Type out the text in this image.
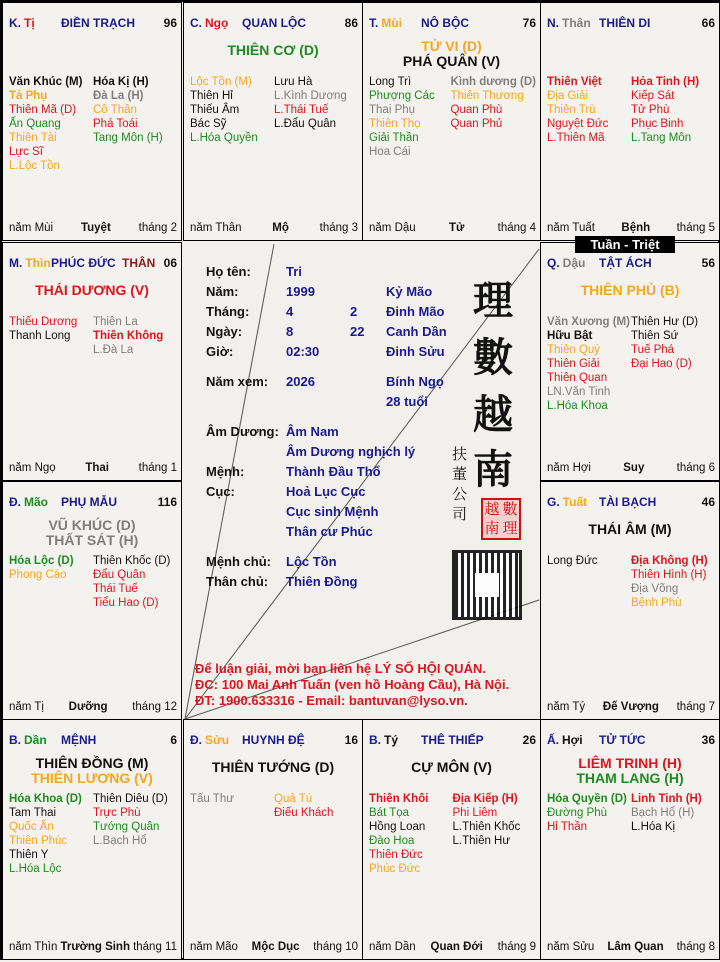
K. Tị ĐIỀN TRẠCH 96
Văn Khúc (M)
Tả Phụ
Thiên Mã (D)
Ấn Quang
Thiên Tài
Lực Sĩ
L.Lộc Tồn
Hóa Kị (H)
Đà La (H)
Cô Thần
Phá Toái
Tang Môn (H)
năm Mùi Tuyệt tháng 2
C. Ngọ QUAN LỘC	86
THIÊN CƠ (D)
Lộc Tồn (M)
Thiên Hỉ
Thiếu Âm
Bác Sỹ
L.Hóa Quyền
Lưu Hà
L.Kình Dương
L.Thái Tuế
L.Đẩu Quân
năm Thân	Mộ	tháng 3
T. Mùi NÔ BỘC	76
TỬ VI (D)
PHÁ QUÂN (V)
Long Trì
Phượng Các
Thai Phụ
Thiên Thọ
Giải Thần
Hoa Cái
Kình dương (D)
Thiên Thương
Quan Phù
Quan Phủ
năm Dậu	Tử	tháng 4
N. Thân THIÊN DI	66
Thiên Việt
Địa Giải
Thiên Trù
Nguyệt Đức
L.Thiên Mã
Hỏa Tinh (H)
Kiếp Sát
Tử Phù
Phục Binh
L.Tang Môn
năm Tuất Bệnh tháng 5
M. Thìn PHÚC ĐỨC THÂN 06
THÁI DƯƠNG (V)
Thiếu Dương
Thanh Long
Thiên La
Thiên Không
L.Đà La
năm Ngọ	Thai	tháng 1
Q. Dậu TẬT ÁCH	56
THIÊN PHỦ (B)
Văn Xương (M)
Hữu Bật
Thiên Quý
Thiên Giải
Thiên Quan
LN.Văn Tinh
L.Hóa Khoa
Thiên Hư (D)
Thiên Sứ
Tuế Phá
Đại Hao (D)
năm Hợi	Suy	tháng 6
Đ. Mão PHỤ MẪU	116
VŨ KHÚC (D)
THẤT SÁT (H)
Hóa Lộc (D)
Phong Cáo
Thiên Khốc (D)
Đẩu Quân
Thái Tuế
Tiểu Hao (D)
năm Tị Dưỡng tháng 12
G. Tuất TÀI BẠCH	46
THÁI ÂM (M)
Long Đức	Địa Không (H)
Thiên Hình (H)
Địa Võng
Bệnh Phù
năm Tý Đế Vượng tháng 7
B. Dần MỆNH	6
THIÊN ĐỒNG (M)
THIÊN LƯƠNG (V)
Hóa Khoa (D)
Tam Thai
Quốc Ấn
Thiên Phúc
Thiên Y
L.Hóa Lộc
Thiên Diêu (D)
Trực Phù
Tướng Quân
L.Bạch Hổ
năm Thìn Trường Sinh tháng 11
Đ. Sửu HUYNH ĐỆ	16
THIÊN TƯỚNG (D)
Tấu Thư	Quả Tú
Điếu Khách
năm Mão Mộc Dục tháng 10
B. Tý THÊ THIẾP	26
CỰ MÔN (V)
Thiên Khôi
Bát Tọa
Hồng Loan
Đào Hoa
Thiên Đức
Phúc Đức
Địa Kiếp (H)
Phi Liêm
L.Thiên Khốc
L.Thiên Hư
năm Dần Quan Đới tháng 9
Ấ. Hợi TỬ TỨC	36
LIÊM TRINH (H)
THAM LANG (H)
Hóa Quyền (D)
Đường Phù
Hỉ Thần
Linh Tinh (H)
Bạch Hổ (H)
L.Hóa Kị
năm Sửu Lâm Quan tháng 8
Họ tên:	Tri
Năm:	1999	Kỷ Mão
Tháng:	4	2 Đinh Mão
Ngày:	8	22 Canh Dần
Giờ:	02:30	Đinh Sửu
Năm xem: 2026	Bính Ngọ
28 tuổi
Âm Dương: Âm Nam
Âm Dương nghịch lý
Mệnh:	Thành Đầu Thổ
Cục:	Hoả Lục Cục
Cục sinh Mệnh
Thân cư Phúc
Mệnh chủ: Lộc Tồn
Thân chủ: Thiên Đồng
理
數
越
南
扶董公司 越 數
南 理
Để luận giải, mời bạn liên hệ LÝ SỐ HỘI QUÁN.
ĐC: 100 Mai Anh Tuấn (ven hồ Hoàng Cầu), Hà Nội.
ĐT: 1900.633316 - Email: bantuvan@lyso.vn.
Tuần - Triệt
